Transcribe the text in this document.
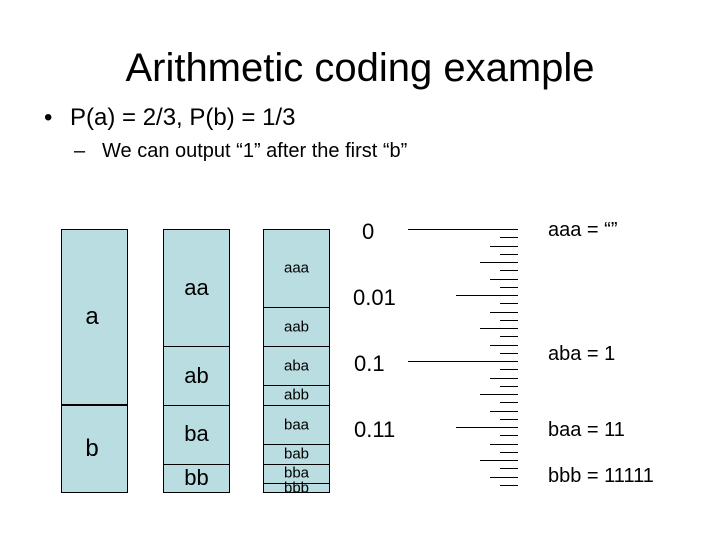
Arithmetic coding example
• P(a) = 2/3, P(b) = 1/3
– We can output “1” after the first “b”
a
b
aa
ab
ba
bb
aaa
aab
aba
abb
baa
bab
bba
bbb
0
0.01
0.1
0.11
aaa = “”
aba = 1
baa = 11
bbb = 11111
